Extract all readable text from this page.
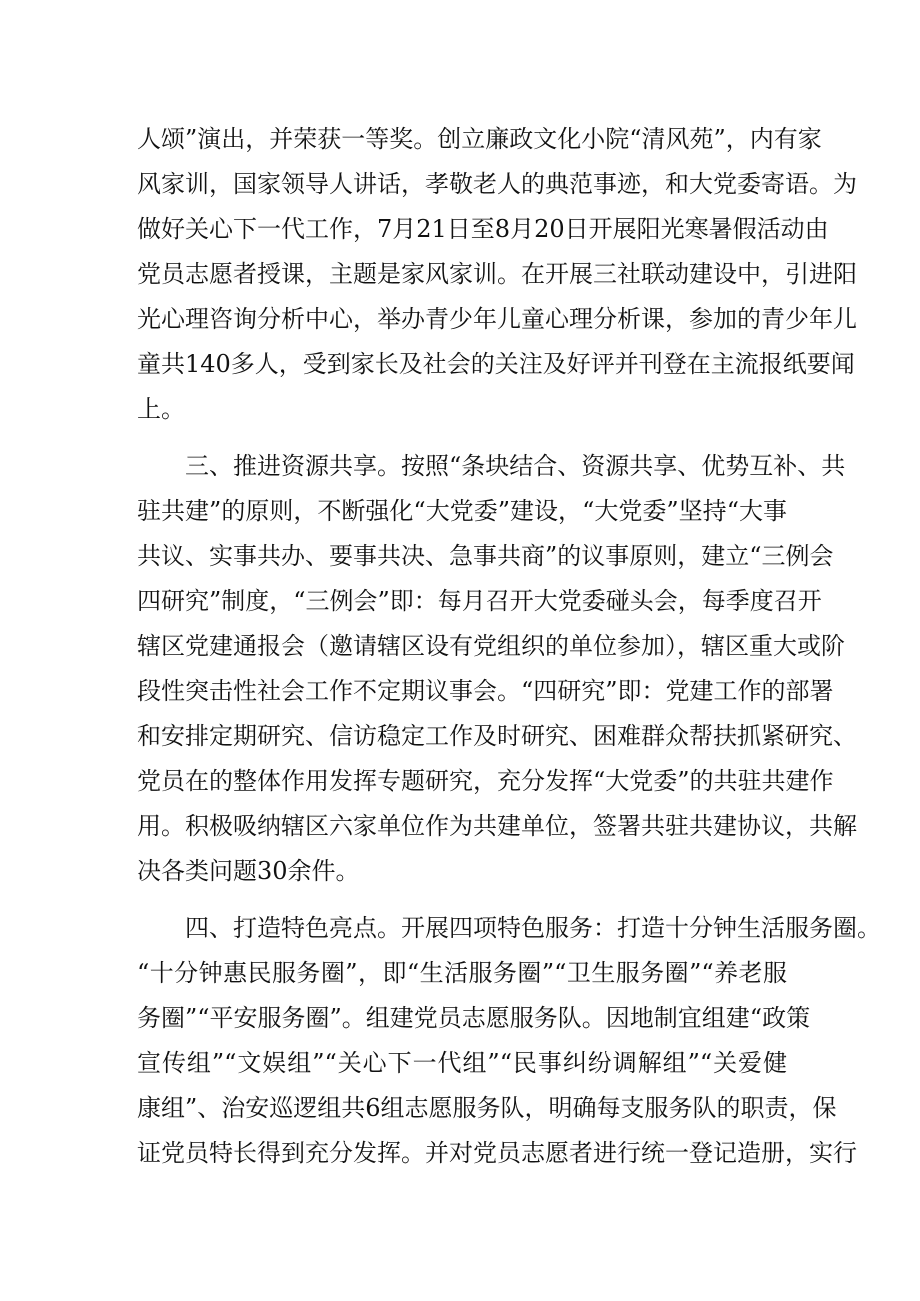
人颂”演出，并荣获一等奖。创立廉政文化小院“清风苑”，内有家
风家训，国家领导人讲话，孝敬老人的典范事迹，和大党委寄语。为
做好关心下一代工作，7月21日至8月20日开展阳光寒暑假活动由
党员志愿者授课，主题是家风家训。在开展三社联动建设中，引进阳
光心理咨询分析中心，举办青少年儿童心理分析课，参加的青少年儿
童共140多人，受到家长及社会的关注及好评并刊登在主流报纸要闻
上。
三、推进资源共享。按照“条块结合、资源共享、优势互补、共
驻共建”的原则，不断强化“大党委”建设，“大党委”坚持“大事
共议、实事共办、要事共决、急事共商”的议事原则，建立“三例会
四研究”制度，“三例会”即：每月召开大党委碰头会，每季度召开
辖区党建通报会（邀请辖区设有党组织的单位参加），辖区重大或阶
段性突击性社会工作不定期议事会。“四研究”即：党建工作的部署
和安排定期研究、信访稳定工作及时研究、困难群众帮扶抓紧研究、
党员在的整体作用发挥专题研究，充分发挥“大党委”的共驻共建作
用。积极吸纳辖区六家单位作为共建单位，签署共驻共建协议，共解
决各类问题30余件。
四、打造特色亮点。开展四项特色服务：打造十分钟生活服务圈。
“十分钟惠民服务圈”，即“生活服务圈”“卫生服务圈”“养老服
务圈”“平安服务圈”。组建党员志愿服务队。因地制宜组建“政策
宣传组”“文娱组”“关心下一代组”“民事纠纷调解组”“关爱健
康组”、治安巡逻组共6组志愿服务队，明确每支服务队的职责，保
证党员特长得到充分发挥。并对党员志愿者进行统一登记造册，实行
